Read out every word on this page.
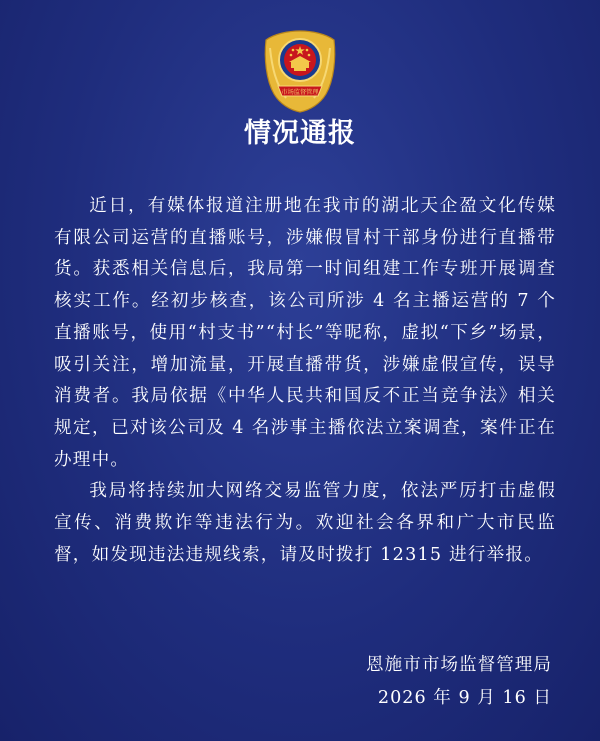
市场监督管理
情况通报

近日，有媒体报道注册地在我市的湖北天企盈文化传媒有限公司运营的直播账号，涉嫌假冒村干部身份进行直播带货。获悉相关信息后，我局第一时间组建工作专班开展调查核实工作。经初步核查，该公司所涉 4 名主播运营的 7 个直播账号，使用“村支书”“村长”等昵称，虚拟“下乡”场景，吸引关注，增加流量，开展直播带货，涉嫌虚假宣传，误导消费者。我局依据《中华人民共和国反不正当竞争法》相关规定，已对该公司及 4 名涉事主播依法立案调查，案件正在办理中。

我局将持续加大网络交易监管力度，依法严厉打击虚假宣传、消费欺诈等违法行为。欢迎社会各界和广大市民监督，如发现违法违规线索，请及时拨打 12315 进行举报。

恩施市市场监督管理局
2026 年 9 月 16 日
